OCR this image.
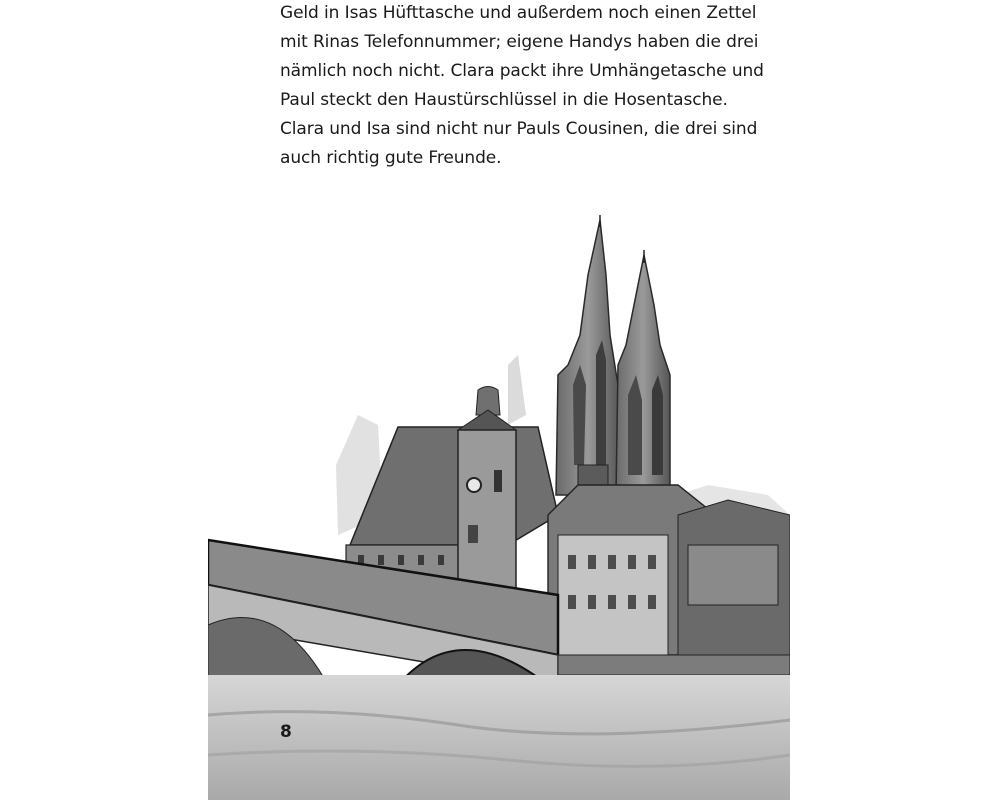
Geld in Isas Hüfttasche und außerdem noch einen Zettel
mit Rinas Telefonnummer; eigene Handys haben die drei
nämlich noch nicht. Clara packt ihre Umhängetasche und
Paul steckt den Haustürschlüssel in die Hosentasche.
Clara und Isa sind nicht nur Pauls Cousinen, die drei sind
auch richtig gute Freunde.
8
